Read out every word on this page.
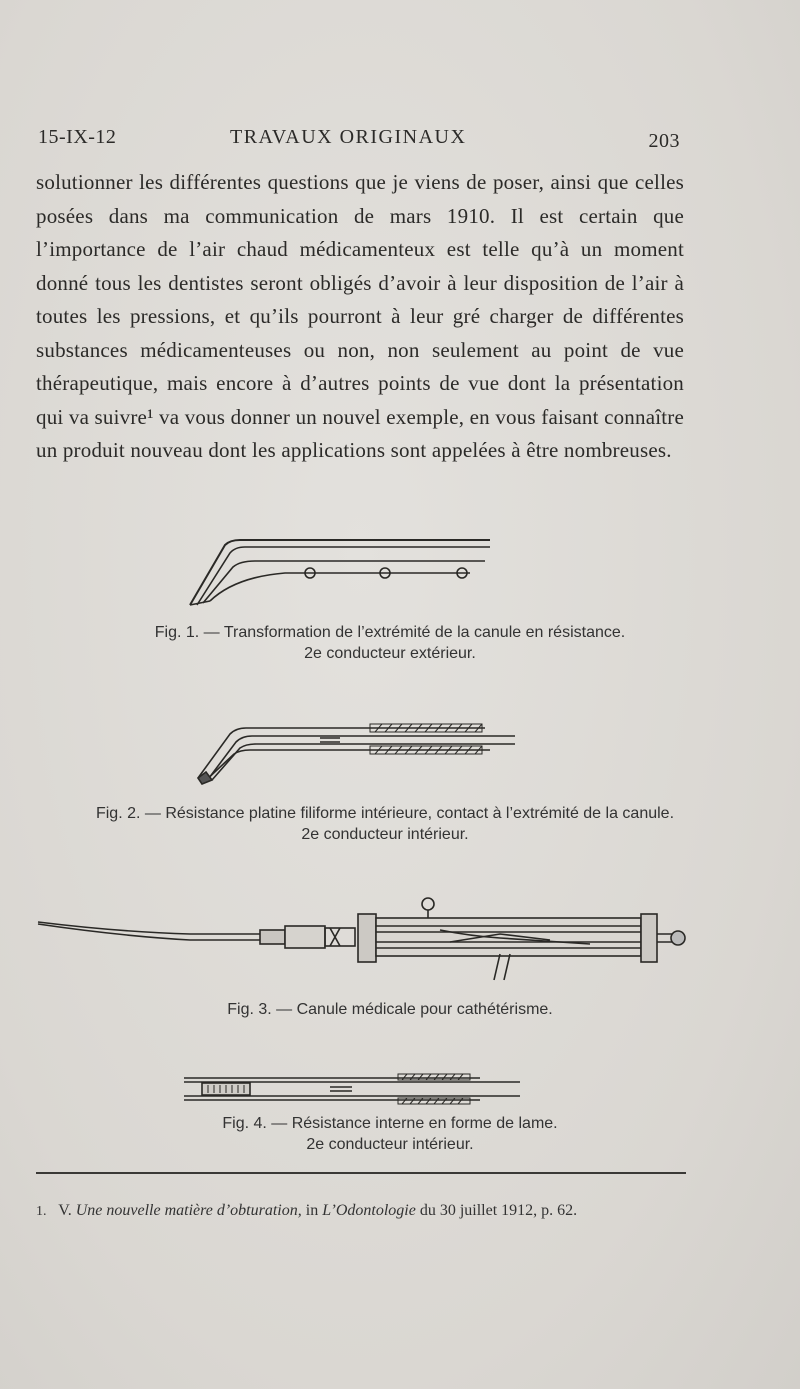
15-IX-12	TRAVAUX ORIGINAUX	203

solutionner les différentes questions que je viens de poser, ainsi que celles posées dans ma communication de mars 1910. Il est certain que l’importance de l’air chaud médicamenteux est telle qu’à un moment donné tous les dentistes seront obligés d’avoir à leur disposition de l’air à toutes les pressions, et qu’ils pourront à leur gré charger de différentes substances médicamenteuses ou non, non seulement au point de vue thérapeutique, mais encore à d’autres points de vue dont la présentation qui va suivre¹ va vous donner un nouvel exemple, en vous faisant connaître un produit nouveau dont les applications sont appelées à être nombreuses.

Fig. 1. — Transformation de l’extrémité de la canule en résistance.
2e conducteur extérieur.
Fig. 2. — Résistance platine filiforme intérieure, contact à l’extrémité de la canule.
2e conducteur intérieur.
Fig. 3. — Canule médicale pour cathétérisme.
Fig. 4. — Résistance interne en forme de lame.
2e conducteur intérieur.
1. V. Une nouvelle matière d’obturation, in L’Odontologie du 30 juillet 1912, p. 62.
